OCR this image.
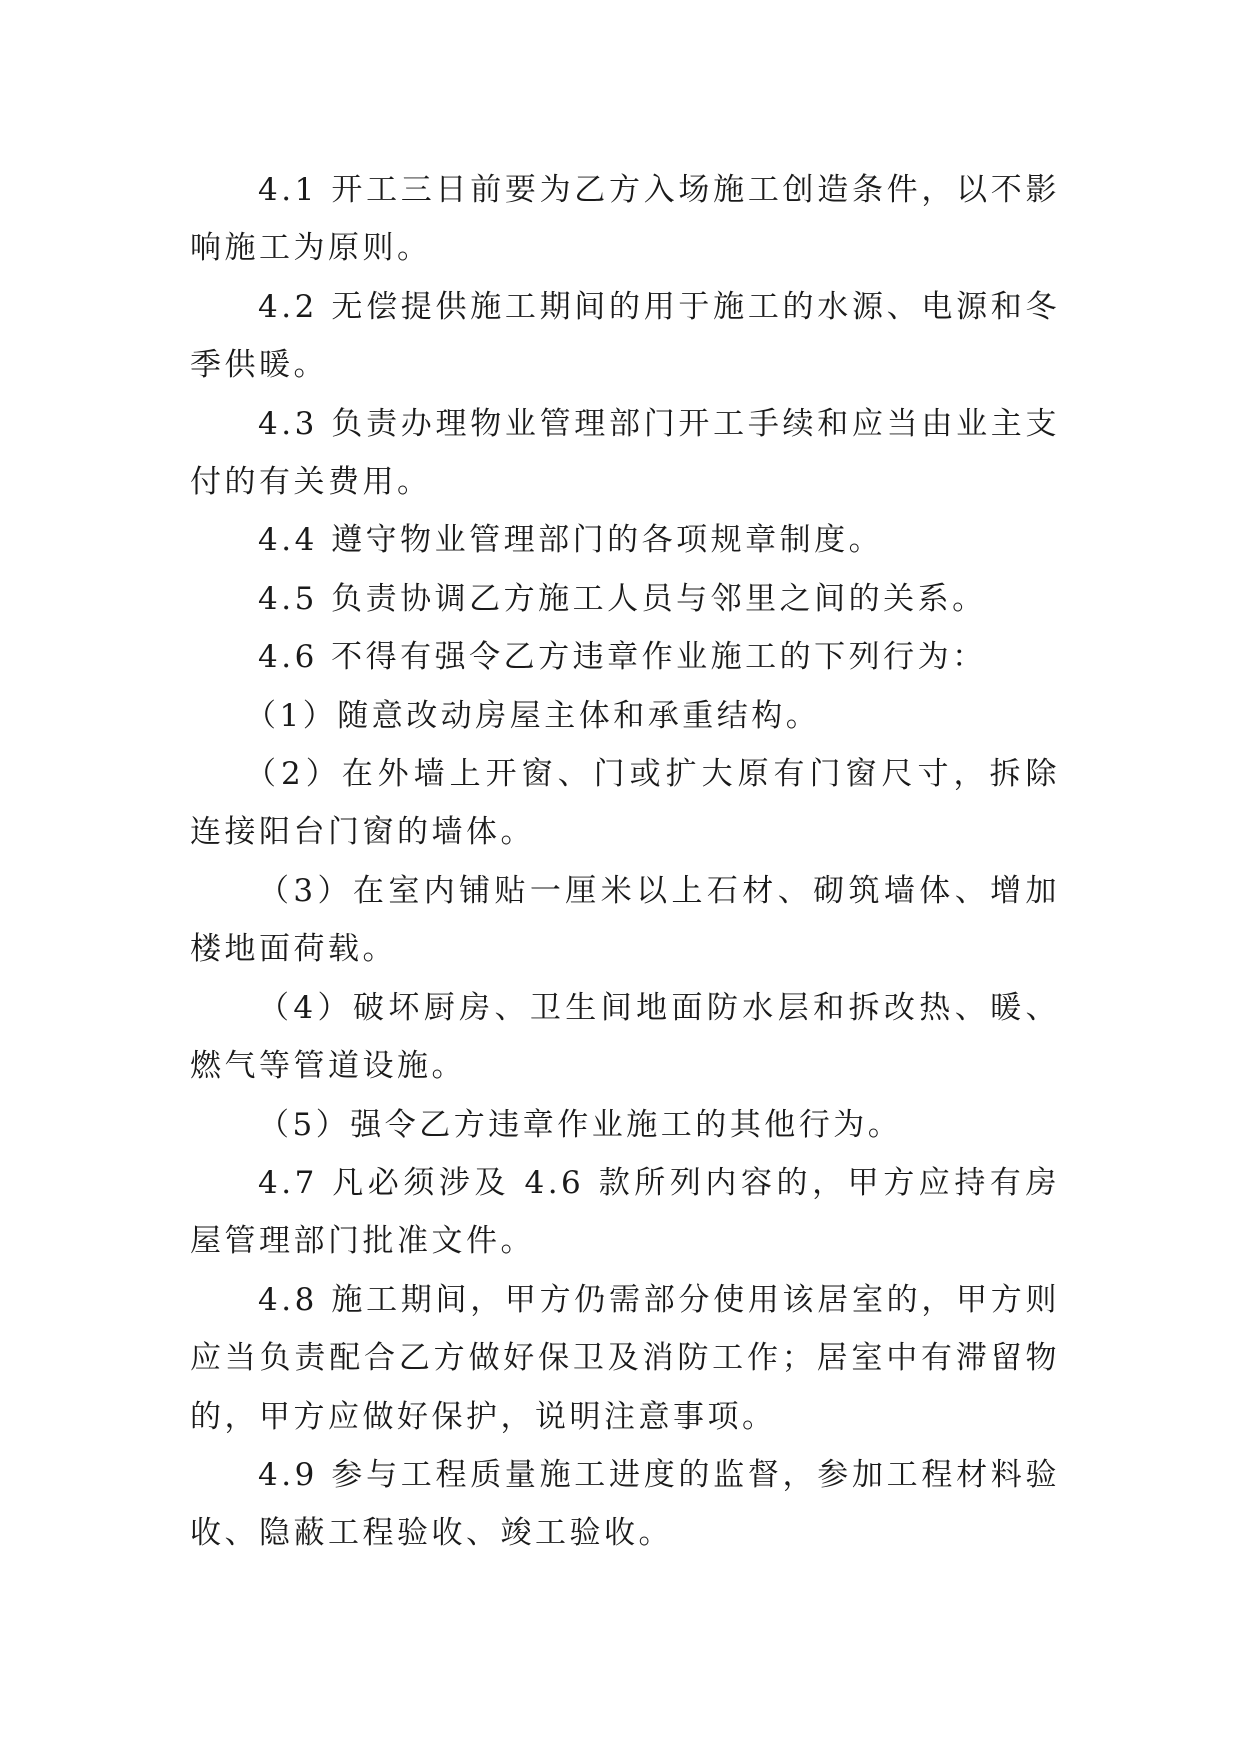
4.1 开工三日前要为乙方入场施工创造条件，以不影响施工为原则。

4.2 无偿提供施工期间的用于施工的水源、电源和冬季供暖。

4.3 负责办理物业管理部门开工手续和应当由业主支付的有关费用。

4.4 遵守物业管理部门的各项规章制度。

4.5 负责协调乙方施工人员与邻里之间的关系。

4.6 不得有强令乙方违章作业施工的下列行为：

（1）随意改动房屋主体和承重结构。

（2）在外墙上开窗、门或扩大原有门窗尺寸，拆除连接阳台门窗的墙体。

（3）在室内铺贴一厘米以上石材、砌筑墙体、增加楼地面荷载。

（4）破坏厨房、卫生间地面防水层和拆改热、暖、燃气等管道设施。

（5）强令乙方违章作业施工的其他行为。

4.7 凡必须涉及 4.6 款所列内容的，甲方应持有房屋管理部门批准文件。

4.8 施工期间，甲方仍需部分使用该居室的，甲方则应当负责配合乙方做好保卫及消防工作；居室中有滞留物的，甲方应做好保护，说明注意事项。

4.9 参与工程质量施工进度的监督，参加工程材料验收、隐蔽工程验收、竣工验收。
